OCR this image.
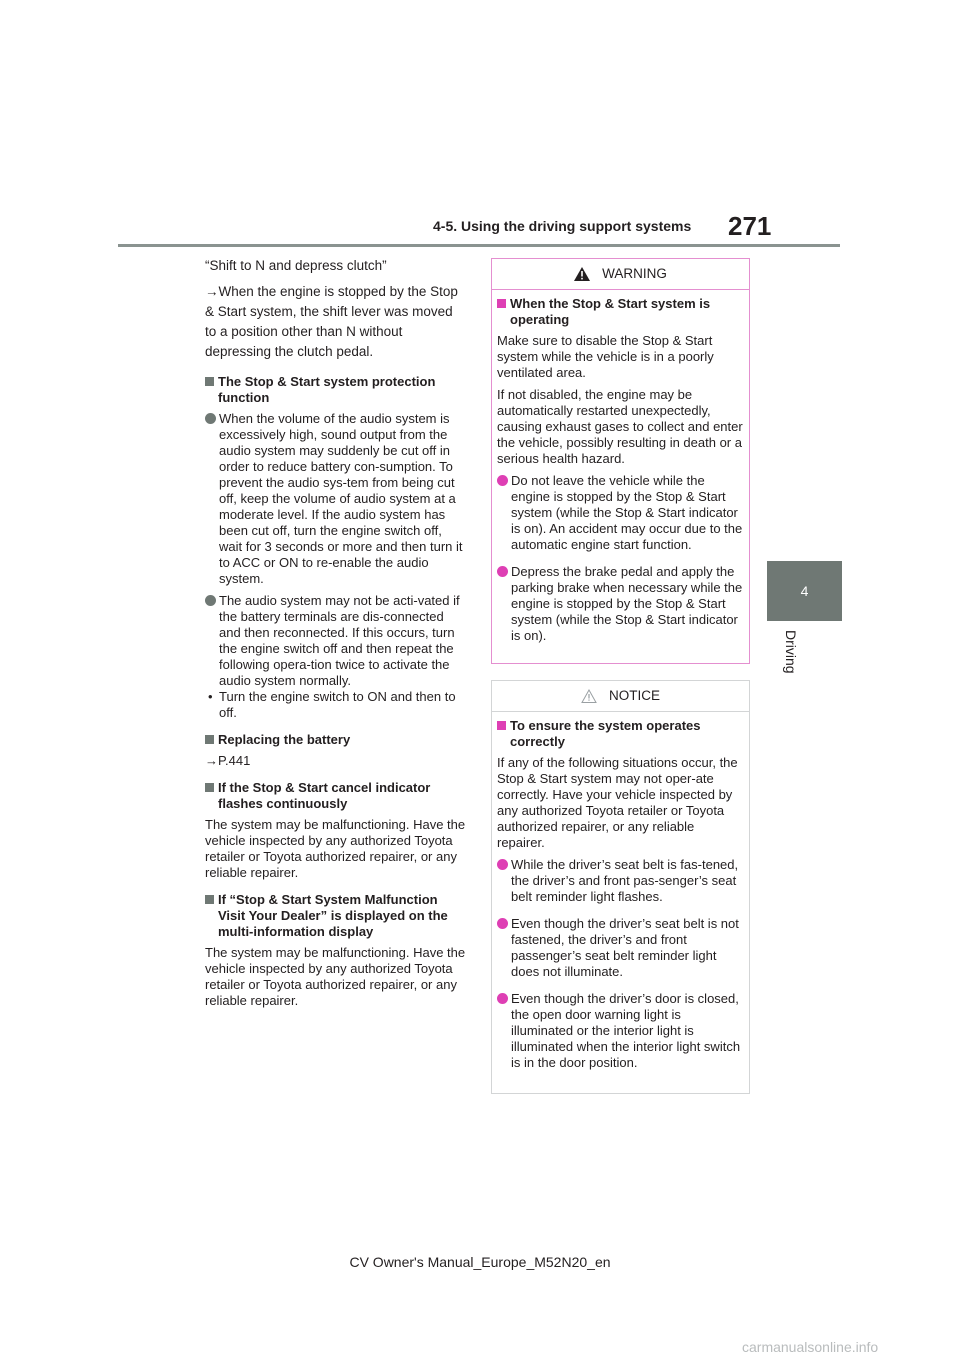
4-5. Using the driving support systems 271
4
Driving
“Shift to N and depress clutch”
→When the engine is stopped by the Stop & Start system, the shift lever was moved to a position other than N without depressing the clutch pedal.
The Stop & Start system protection function
When the volume of the audio system is excessively high, sound output from the audio system may suddenly be cut off in order to reduce battery con-sumption. To prevent the audio sys-tem from being cut off, keep the volume of audio system at a moderate level. If the audio system has been cut off, turn the engine switch off, wait for 3 seconds or more and then turn it to ACC or ON to re-enable the audio system.
The audio system may not be acti-vated if the battery terminals are dis-connected and then reconnected. If this occurs, turn the engine switch off and then repeat the following opera-tion twice to activate the audio system normally.
• Turn the engine switch to ON and then to off.
Replacing the battery
→P.441
If the Stop & Start cancel indicator flashes continuously
The system may be malfunctioning. Have the vehicle inspected by any authorized Toyota retailer or Toyota authorized repairer, or any reliable repairer.
If “Stop & Start System Malfunction Visit Your Dealer” is displayed on the multi-information display
The system may be malfunctioning. Have the vehicle inspected by any authorized Toyota retailer or Toyota authorized repairer, or any reliable repairer.
WARNING
When the Stop & Start system is operating
Make sure to disable the Stop & Start system while the vehicle is in a poorly ventilated area.
If not disabled, the engine may be automatically restarted unexpectedly, causing exhaust gases to collect and enter the vehicle, possibly resulting in death or a serious health hazard.
Do not leave the vehicle while the engine is stopped by the Stop & Start system (while the Stop & Start indicator is on). An accident may occur due to the automatic engine start function.
Depress the brake pedal and apply the parking brake when necessary while the engine is stopped by the Stop & Start system (while the Stop & Start indicator is on).
NOTICE
To ensure the system operates correctly
If any of the following situations occur, the Stop & Start system may not oper-ate correctly. Have your vehicle inspected by any authorized Toyota retailer or Toyota authorized repairer, or any reliable repairer.
While the driver’s seat belt is fas-tened, the driver’s and front pas-senger’s seat belt reminder light flashes.
Even though the driver’s seat belt is not fastened, the driver’s and front passenger’s seat belt reminder light does not illuminate.
Even though the driver’s door is closed, the open door warning light is illuminated or the interior light is illuminated when the interior light switch is in the door position.
CV Owner's Manual_Europe_M52N20_en
carmanualsonline.info
